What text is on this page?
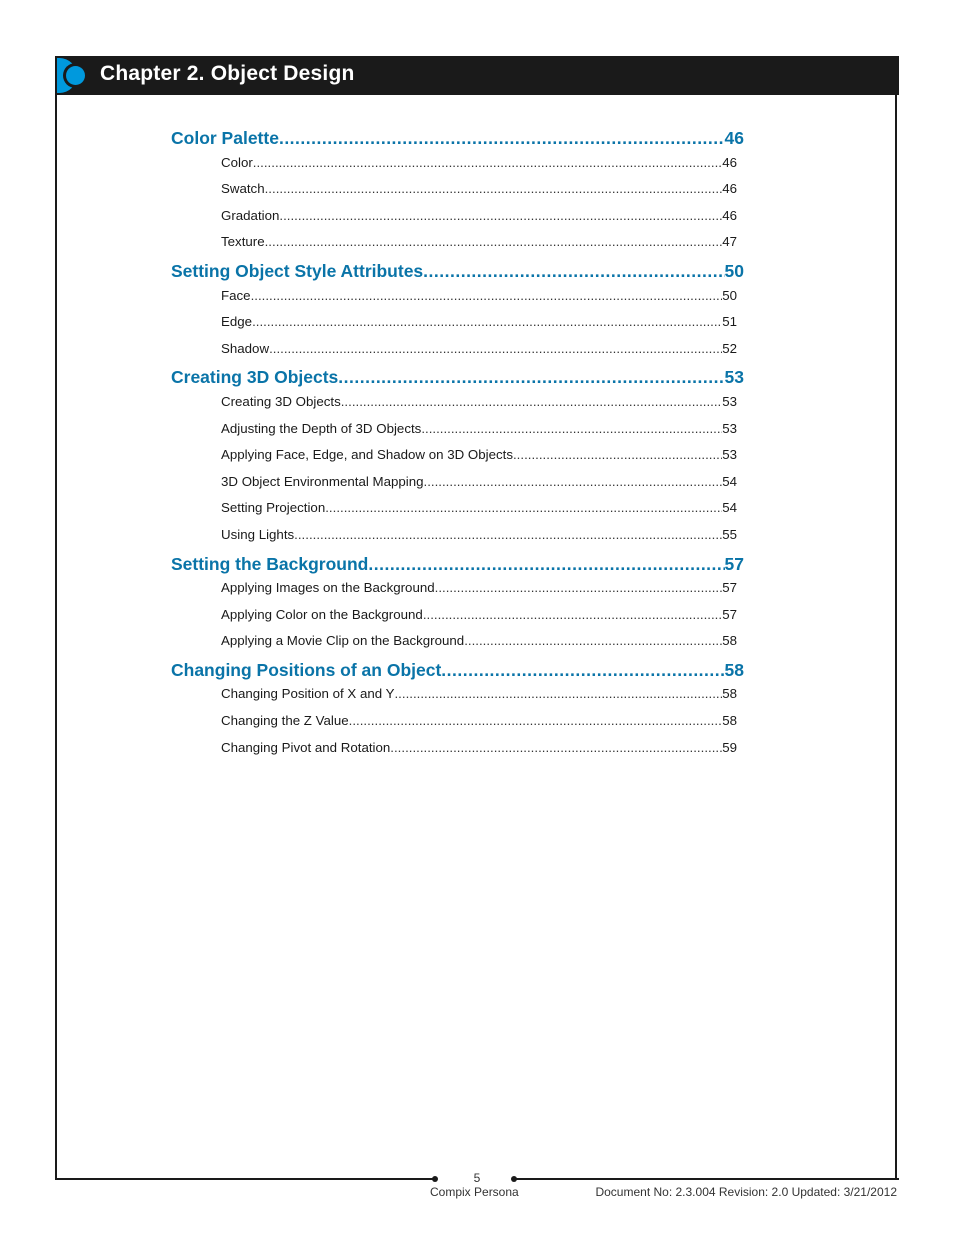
Chapter 2. Object Design
Color Palette .....	46
Color .....	46
Swatch .....	46
Gradation .....	46
Texture .....	47
Setting Object Style Attributes .....	50
Face .....	50
Edge .....	51
Shadow .....	52
Creating 3D Objects .....	53
Creating 3D Objects .....	53
Adjusting the Depth of 3D Objects .....	53
Applying Face, Edge, and Shadow on 3D Objects .....	53
3D Object Environmental Mapping .....	54
Setting Projection .....	54
Using Lights .....	55
Setting the Background .....	57
Applying Images on the Background .....	57
Applying Color on the Background .....	57
Applying a Movie Clip on the Background .....	58
Changing Positions of an Object .....	58
Changing Position of X and Y .....	58
Changing the Z Value .....	58
Changing Pivot and Rotation .....	59
5
Compix Persona	Document No: 2.3.004 Revision: 2.0 Updated: 3/21/2012
